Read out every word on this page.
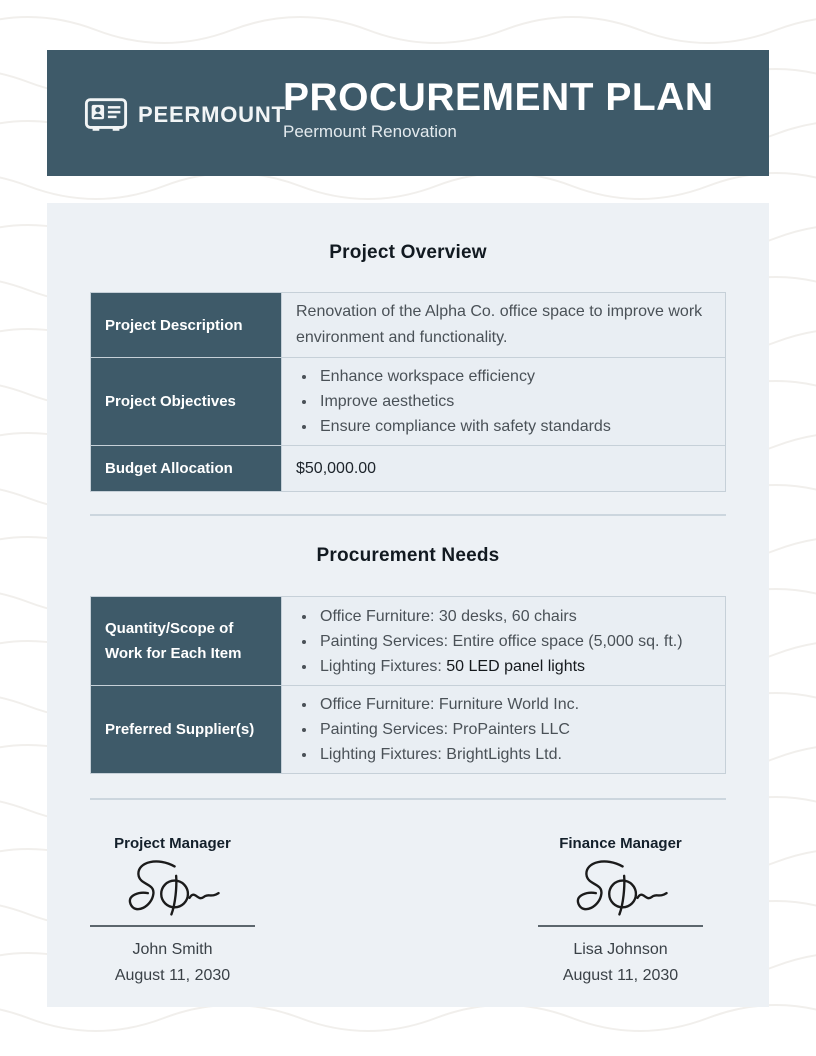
PEERMOUNT
PROCUREMENT PLAN
Peermount Renovation
Project Overview
Project Description

Renovation of the Alpha Co. office space to improve work environment and functionality.

Project Objectives
• Enhance workspace efficiency
• Improve aesthetics
• Ensure compliance with safety standards
Budget Allocation	$50,000.00

Procurement Needs
Quantity/Scope of Work for Each Item
• Office Furniture: 30 desks, 60 chairs
• Painting Services: Entire office space (5,000 sq. ft.)
• Lighting Fixtures: 50 LED panel lights
Preferred Supplier(s)
• Office Furniture: Furniture World Inc.
• Painting Services: ProPainters LLC
• Lighting Fixtures: BrightLights Ltd.
Project Manager
John Smith
August 11, 2030
Finance Manager
Lisa Johnson
August 11, 2030
